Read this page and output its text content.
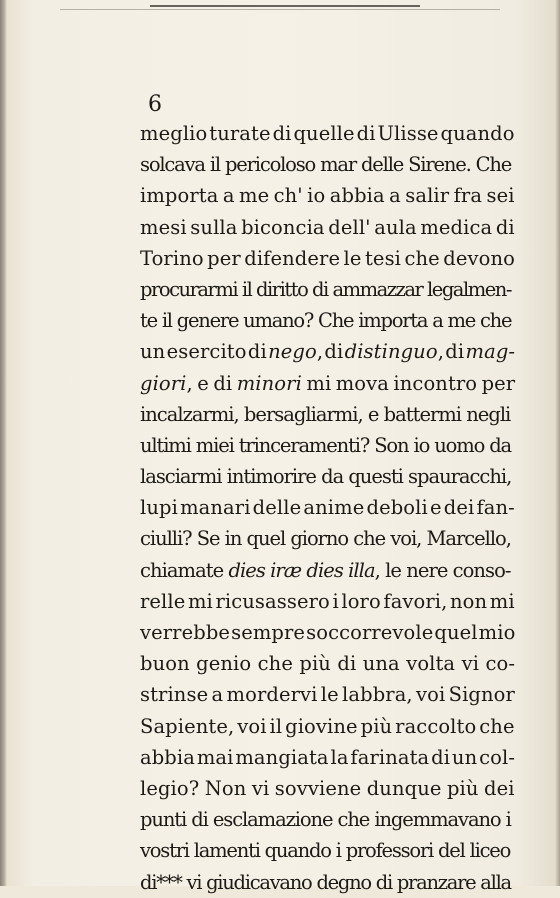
6
meglio turate di quelle di Ulisse quando
solcava il pericoloso mar delle Sirene. Che
importa a me ch' io abbia a salir fra sei
mesi sulla biconcia dell' aula medica di
Torino per difendere le tesi che devono
procurarmi il diritto di ammazzar legalmen-
te il genere umano? Che importa a me che
un esercito di nego, di distinguo, di mag-
giori, e di minori mi mova incontro per
incalzarmi, bersagliarmi, e battermi negli
ultimi miei trinceramenti? Son io uomo da
lasciarmi intimorire da questi spauracchi,
lupi manari delle anime deboli e dei fan-
ciulli? Se in quel giorno che voi, Marcello,
chiamate dies iræ dies illa, le nere conso-
relle mi ricusassero i loro favori, non mi
verrebbe sempre soccorrevole quel mio
buon genio che più di una volta vi co-
strinse a mordervi le labbra, voi Signor
Sapiente, voi il giovine più raccolto che
abbia mai mangiata la farinata di un col-
legio? Non vi sovviene dunque più dei
punti di esclamazione che ingemmavano i
vostri lamenti quando i professori del liceo
di*** vi giudicavano degno di pranzare alla
